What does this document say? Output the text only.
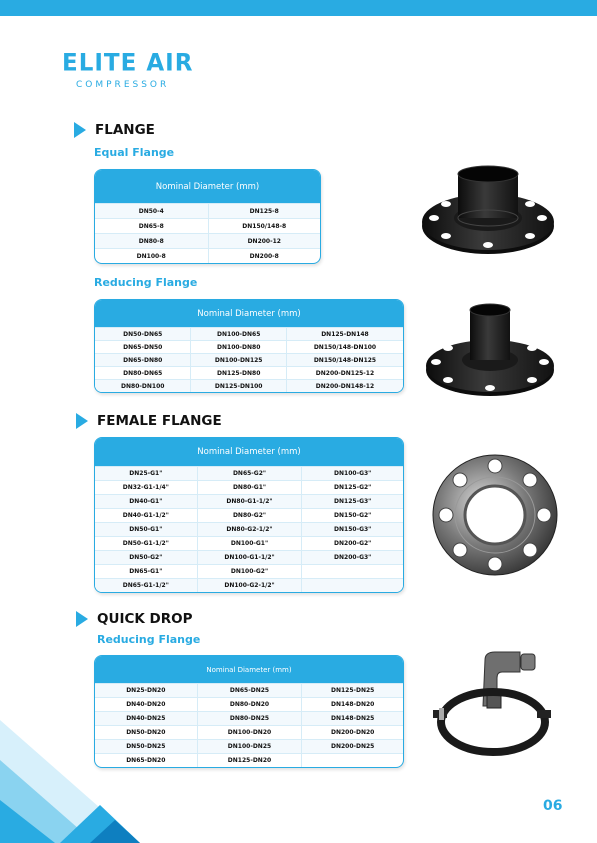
ELITE AIR
COMPRESSOR
FLANGE
Equal Flange
Nominal Diameter (mm)	
DN50-4	DN125-8
DN65-8	DN150/148-8
DN80-8	DN200-12
DN100-8	DN200-8
Reducing Flange
Nominal Diameter (mm)		
DN50-DN65	DN100-DN65	DN125-DN148
DN65-DN50	DN100-DN80	DN150/148-DN100
DN65-DN80	DN100-DN125	DN150/148-DN125
DN80-DN65	DN125-DN80	DN200-DN125-12
DN80-DN100	DN125-DN100	DN200-DN148-12
FEMALE FLANGE
Nominal Diameter (mm)		
DN25-G1"	DN65-G2"	DN100-G3"
DN32-G1-1/4"	DN80-G1"	DN125-G2"
DN40-G1"	DN80-G1-1/2"	DN125-G3"
DN40-G1-1/2"	DN80-G2"	DN150-G2"
DN50-G1"	DN80-G2-1/2"	DN150-G3"
DN50-G1-1/2"	DN100-G1"	DN200-G2"
DN50-G2"	DN100-G1-1/2"	DN200-G3"
DN65-G1"	DN100-G2"	
DN65-G1-1/2"	DN100-G2-1/2"	
QUICK DROP
Reducing Flange
Nominal Diameter (mm)		
DN25-DN20	DN65-DN25	DN125-DN25
DN40-DN20	DN80-DN20	DN148-DN20
DN40-DN25	DN80-DN25	DN148-DN25
DN50-DN20	DN100-DN20	DN200-DN20
DN50-DN25	DN100-DN25	DN200-DN25
DN65-DN20	DN125-DN20	
06
